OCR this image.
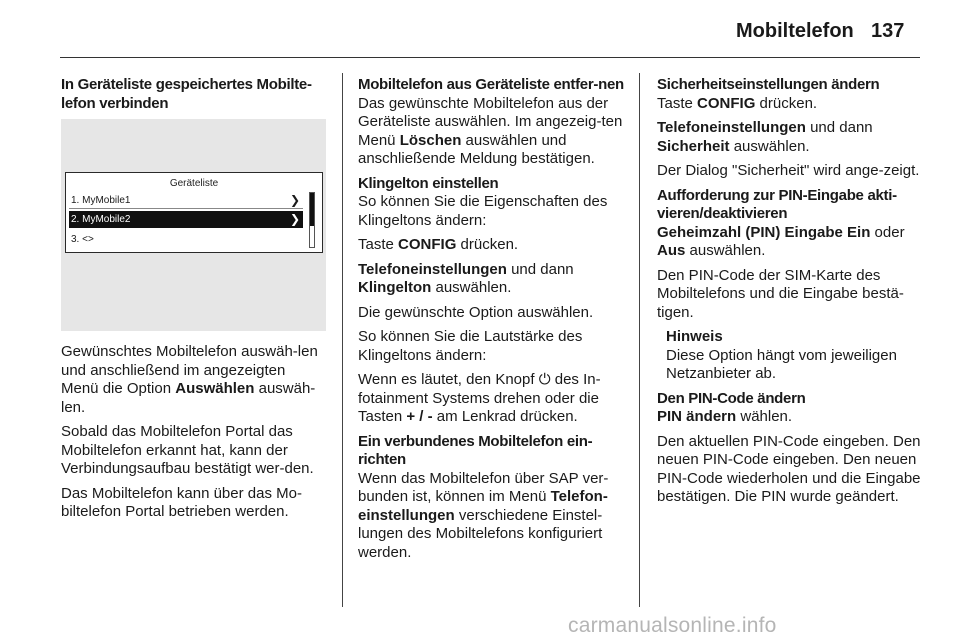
Mobiltelefon 137
In Geräteliste gespeichertes Mobilte-lefon verbinden
Geräteliste
1. MyMobile1	❯
2. MyMobile2	❯
3. <>

Gewünschtes Mobiltelefon auswäh-len und anschließend im angezeigten Menü die Option Auswählen auswäh-len.

Sobald das Mobiltelefon Portal das Mobiltelefon erkannt hat, kann der Verbindungsaufbau bestätigt wer-den.

Das Mobiltelefon kann über das Mo-biltelefon Portal betrieben werden.

Mobiltelefon aus Geräteliste entfer-nen

Das gewünschte Mobiltelefon aus der Geräteliste auswählen. Im angezeig-ten Menü Löschen auswählen und anschließende Meldung bestätigen.

Klingelton einstellen

So können Sie die Eigenschaften des Klingeltons ändern:

Taste CONFIG drücken.

Telefoneinstellungen und dann Klingelton auswählen.

Die gewünschte Option auswählen.

So können Sie die Lautstärke des Klingeltons ändern:

Wenn es läutet, den Knopf ⏻ des In-fotainment Systems drehen oder die Tasten + / - am Lenkrad drücken.

Ein verbundenes Mobiltelefon ein-richten

Wenn das Mobiltelefon über SAP ver-bunden ist, können im Menü Telefon-einstellungen verschiedene Einstel-lungen des Mobiltelefons konfiguriert werden.

Sicherheitseinstellungen ändern

Taste CONFIG drücken.

Telefoneinstellungen und dann Sicherheit auswählen.

Der Dialog "Sicherheit" wird ange-zeigt.

Aufforderung zur PIN-Eingabe akti-vieren/deaktivieren

Geheimzahl (PIN) Eingabe Ein oder Aus auswählen.

Den PIN-Code der SIM-Karte des Mobiltelefons und die Eingabe bestä-tigen.

Hinweis

Diese Option hängt vom jeweiligen Netzanbieter ab.

Den PIN-Code ändern

PIN ändern wählen.

Den aktuellen PIN-Code eingeben. Den neuen PIN-Code eingeben. Den neuen PIN-Code wiederholen und die Eingabe bestätigen. Die PIN wurde geändert.

carmanualsonline.info
